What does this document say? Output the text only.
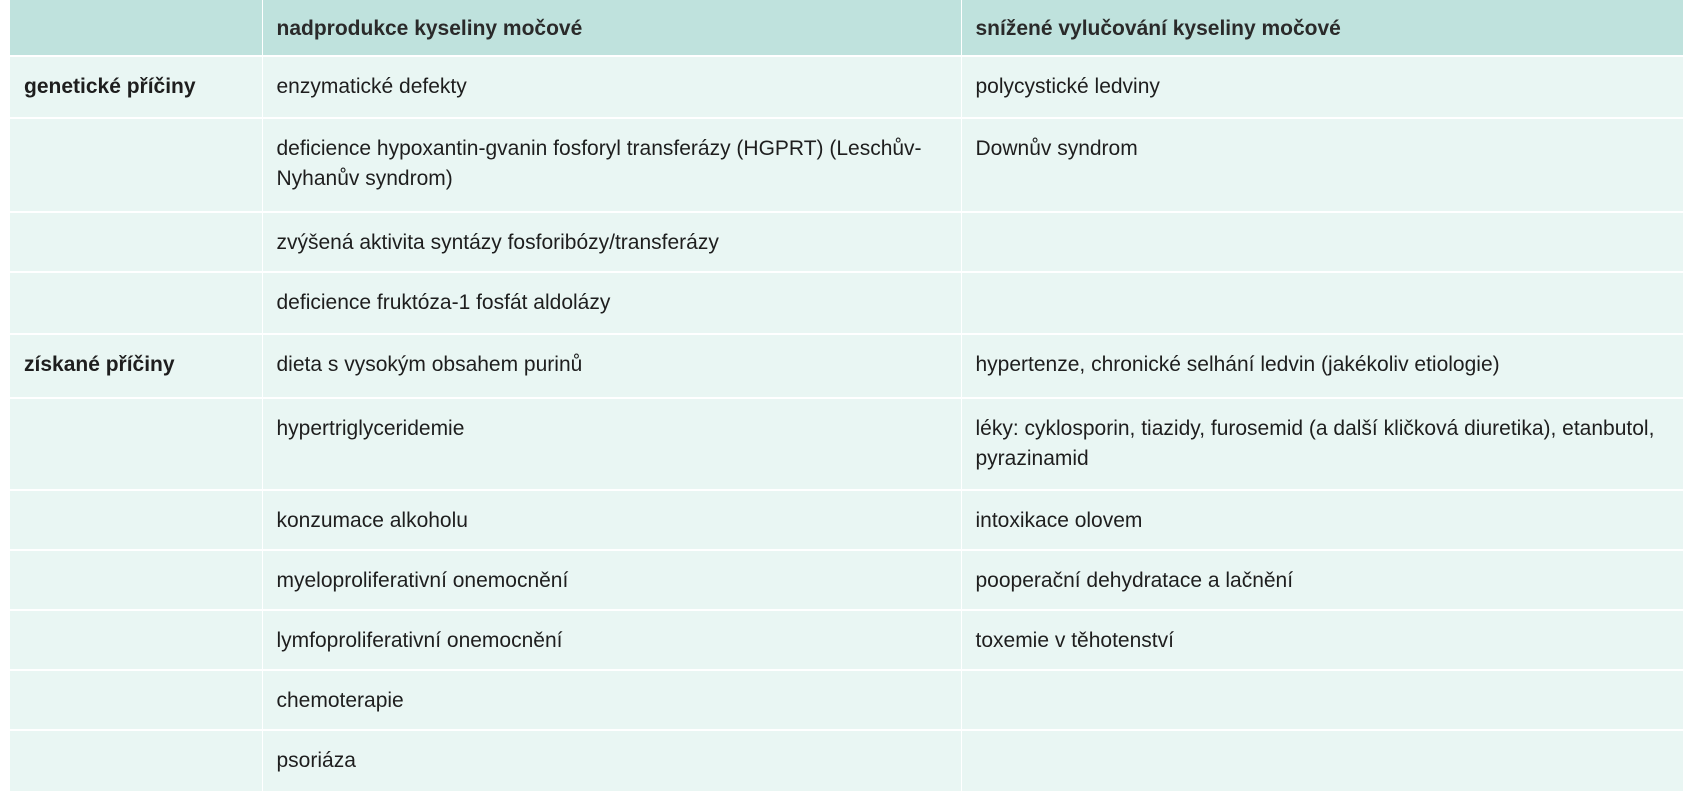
	nadprodukce kyseliny močové	snížené vylučování kyseliny močové
genetické příčiny	enzymatické defekty	polycystické ledviny
	deficience hypoxantin-gvanin fosforyl transferázy (HGPRT) (Leschův-Nyhanův syndrom)	Downův syndrom
	zvýšená aktivita syntázy fosforibózy/transferázy	
	deficience fruktóza-1 fosfát aldolázy	
získané příčiny	dieta s vysokým obsahem purinů	hypertenze, chronické selhání ledvin (jakékoliv etiologie)
	hypertriglyceridemie	léky: cyklosporin, tiazidy, furosemid (a další kličková diuretika), etanbutol, pyrazinamid
	konzumace alkoholu	intoxikace olovem
	myeloproliferativní onemocnění	pooperační dehydratace a lačnění
	lymfoproliferativní onemocnění	toxemie v těhotenství
	chemoterapie	
	psoriáza	
